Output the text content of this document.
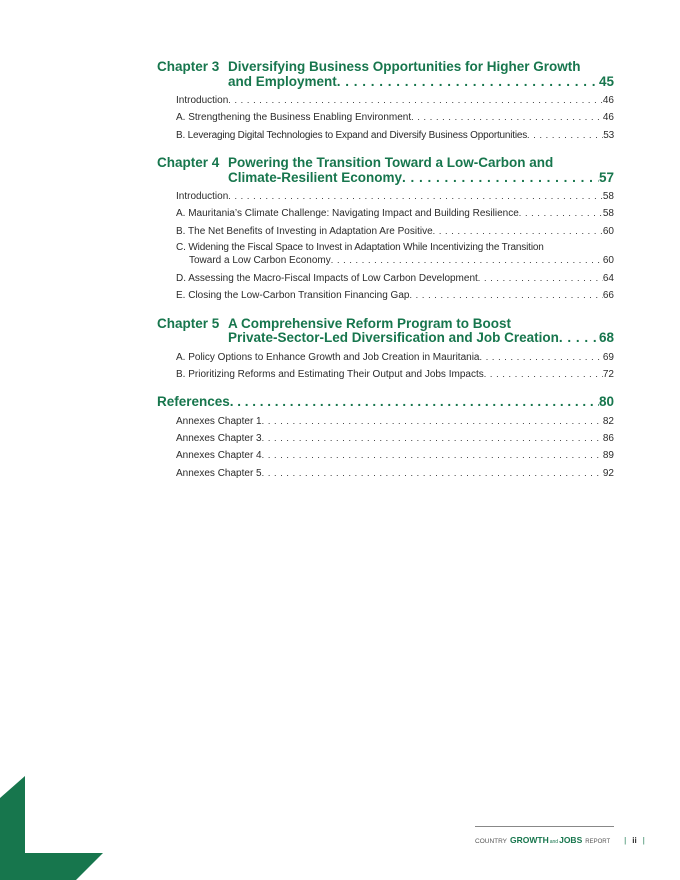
Chapter 3 Diversifying Business Opportunities for Higher Growth
and Employment . . .	45
Introduction . . .	46
A. Strengthening the Business Enabling Environment . . .	46
B. Leveraging Digital Technologies to Expand and Diversify Business Opportunities . . .	53
Chapter 4 Powering the Transition Toward a Low-Carbon and
Climate-Resilient Economy . . .	57
Introduction . . .	58
A. Mauritania’s Climate Challenge: Navigating Impact and Building Resilience . . .	58
B. The Net Benefits of Investing in Adaptation Are Positive . . .	60
C. Widening the Fiscal Space to Invest in Adaptation While Incentivizing the Transition
Toward a Low Carbon Economy . . .	60
D. Assessing the Macro-Fiscal Impacts of Low Carbon Development . . .	64
E. Closing the Low-Carbon Transition Financing Gap . . .	66
Chapter 5 A Comprehensive Reform Program to Boost
Private-Sector-Led Diversification and Job Creation . . .	68
A. Policy Options to Enhance Growth and Job Creation in Mauritania . . .	69
B. Prioritizing Reforms and Estimating Their Output and Jobs Impacts . . .	72
References . . .	80
Annexes Chapter 1 . . .	82
Annexes Chapter 3 . . .	86
Annexes Chapter 4 . . .	89
Annexes Chapter 5 . . .	92
COUNTRY GROWTH and JOBS REPORT | ii |
